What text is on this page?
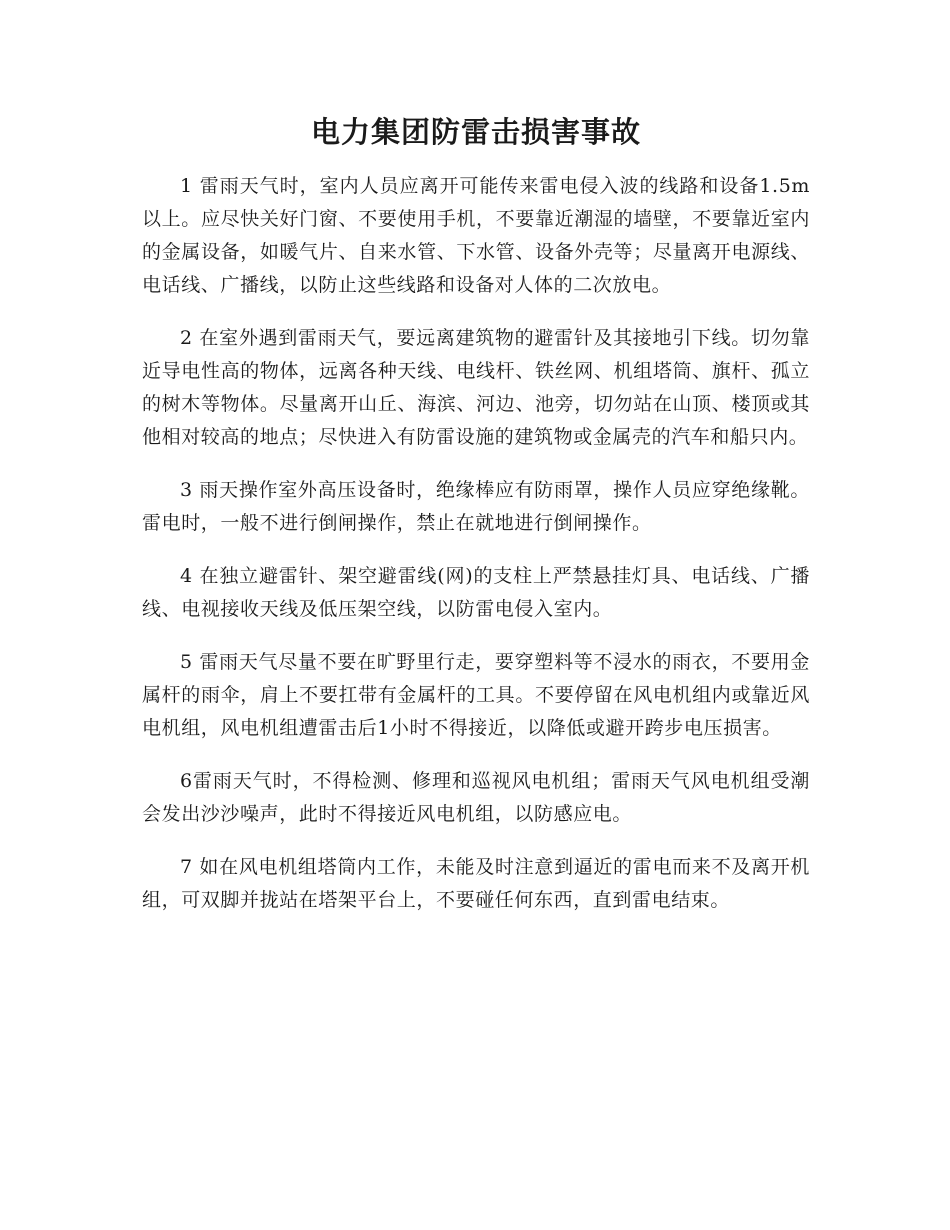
电力集团防雷击损害事故

1 雷雨天气时，室内人员应离开可能传来雷电侵入波的线路和设备1.5m以上。应尽快关好门窗、不要使用手机，不要靠近潮湿的墙壁，不要靠近室内的金属设备，如暖气片、自来水管、下水管、设备外壳等；尽量离开电源线、电话线、广播线，以防止这些线路和设备对人体的二次放电。

2 在室外遇到雷雨天气，要远离建筑物的避雷针及其接地引下线。切勿靠近导电性高的物体，远离各种天线、电线杆、铁丝网、机组塔筒、旗杆、孤立的树木等物体。尽量离开山丘、海滨、河边、池旁，切勿站在山顶、楼顶或其他相对较高的地点；尽快进入有防雷设施的建筑物或金属壳的汽车和船只内。

3 雨天操作室外高压设备时，绝缘棒应有防雨罩，操作人员应穿绝缘靴。雷电时，一般不进行倒闸操作，禁止在就地进行倒闸操作。

4 在独立避雷针、架空避雷线(网)的支柱上严禁悬挂灯具、电话线、广播线、电视接收天线及低压架空线，以防雷电侵入室内。

5 雷雨天气尽量不要在旷野里行走，要穿塑料等不浸水的雨衣，不要用金属杆的雨伞，肩上不要扛带有金属杆的工具。不要停留在风电机组内或靠近风电机组，风电机组遭雷击后1小时不得接近，以降低或避开跨步电压损害。

6雷雨天气时，不得检测、修理和巡视风电机组；雷雨天气风电机组受潮会发出沙沙噪声，此时不得接近风电机组，以防感应电。

7 如在风电机组塔筒内工作，未能及时注意到逼近的雷电而来不及离开机组，可双脚并拢站在塔架平台上，不要碰任何东西，直到雷电结束。
